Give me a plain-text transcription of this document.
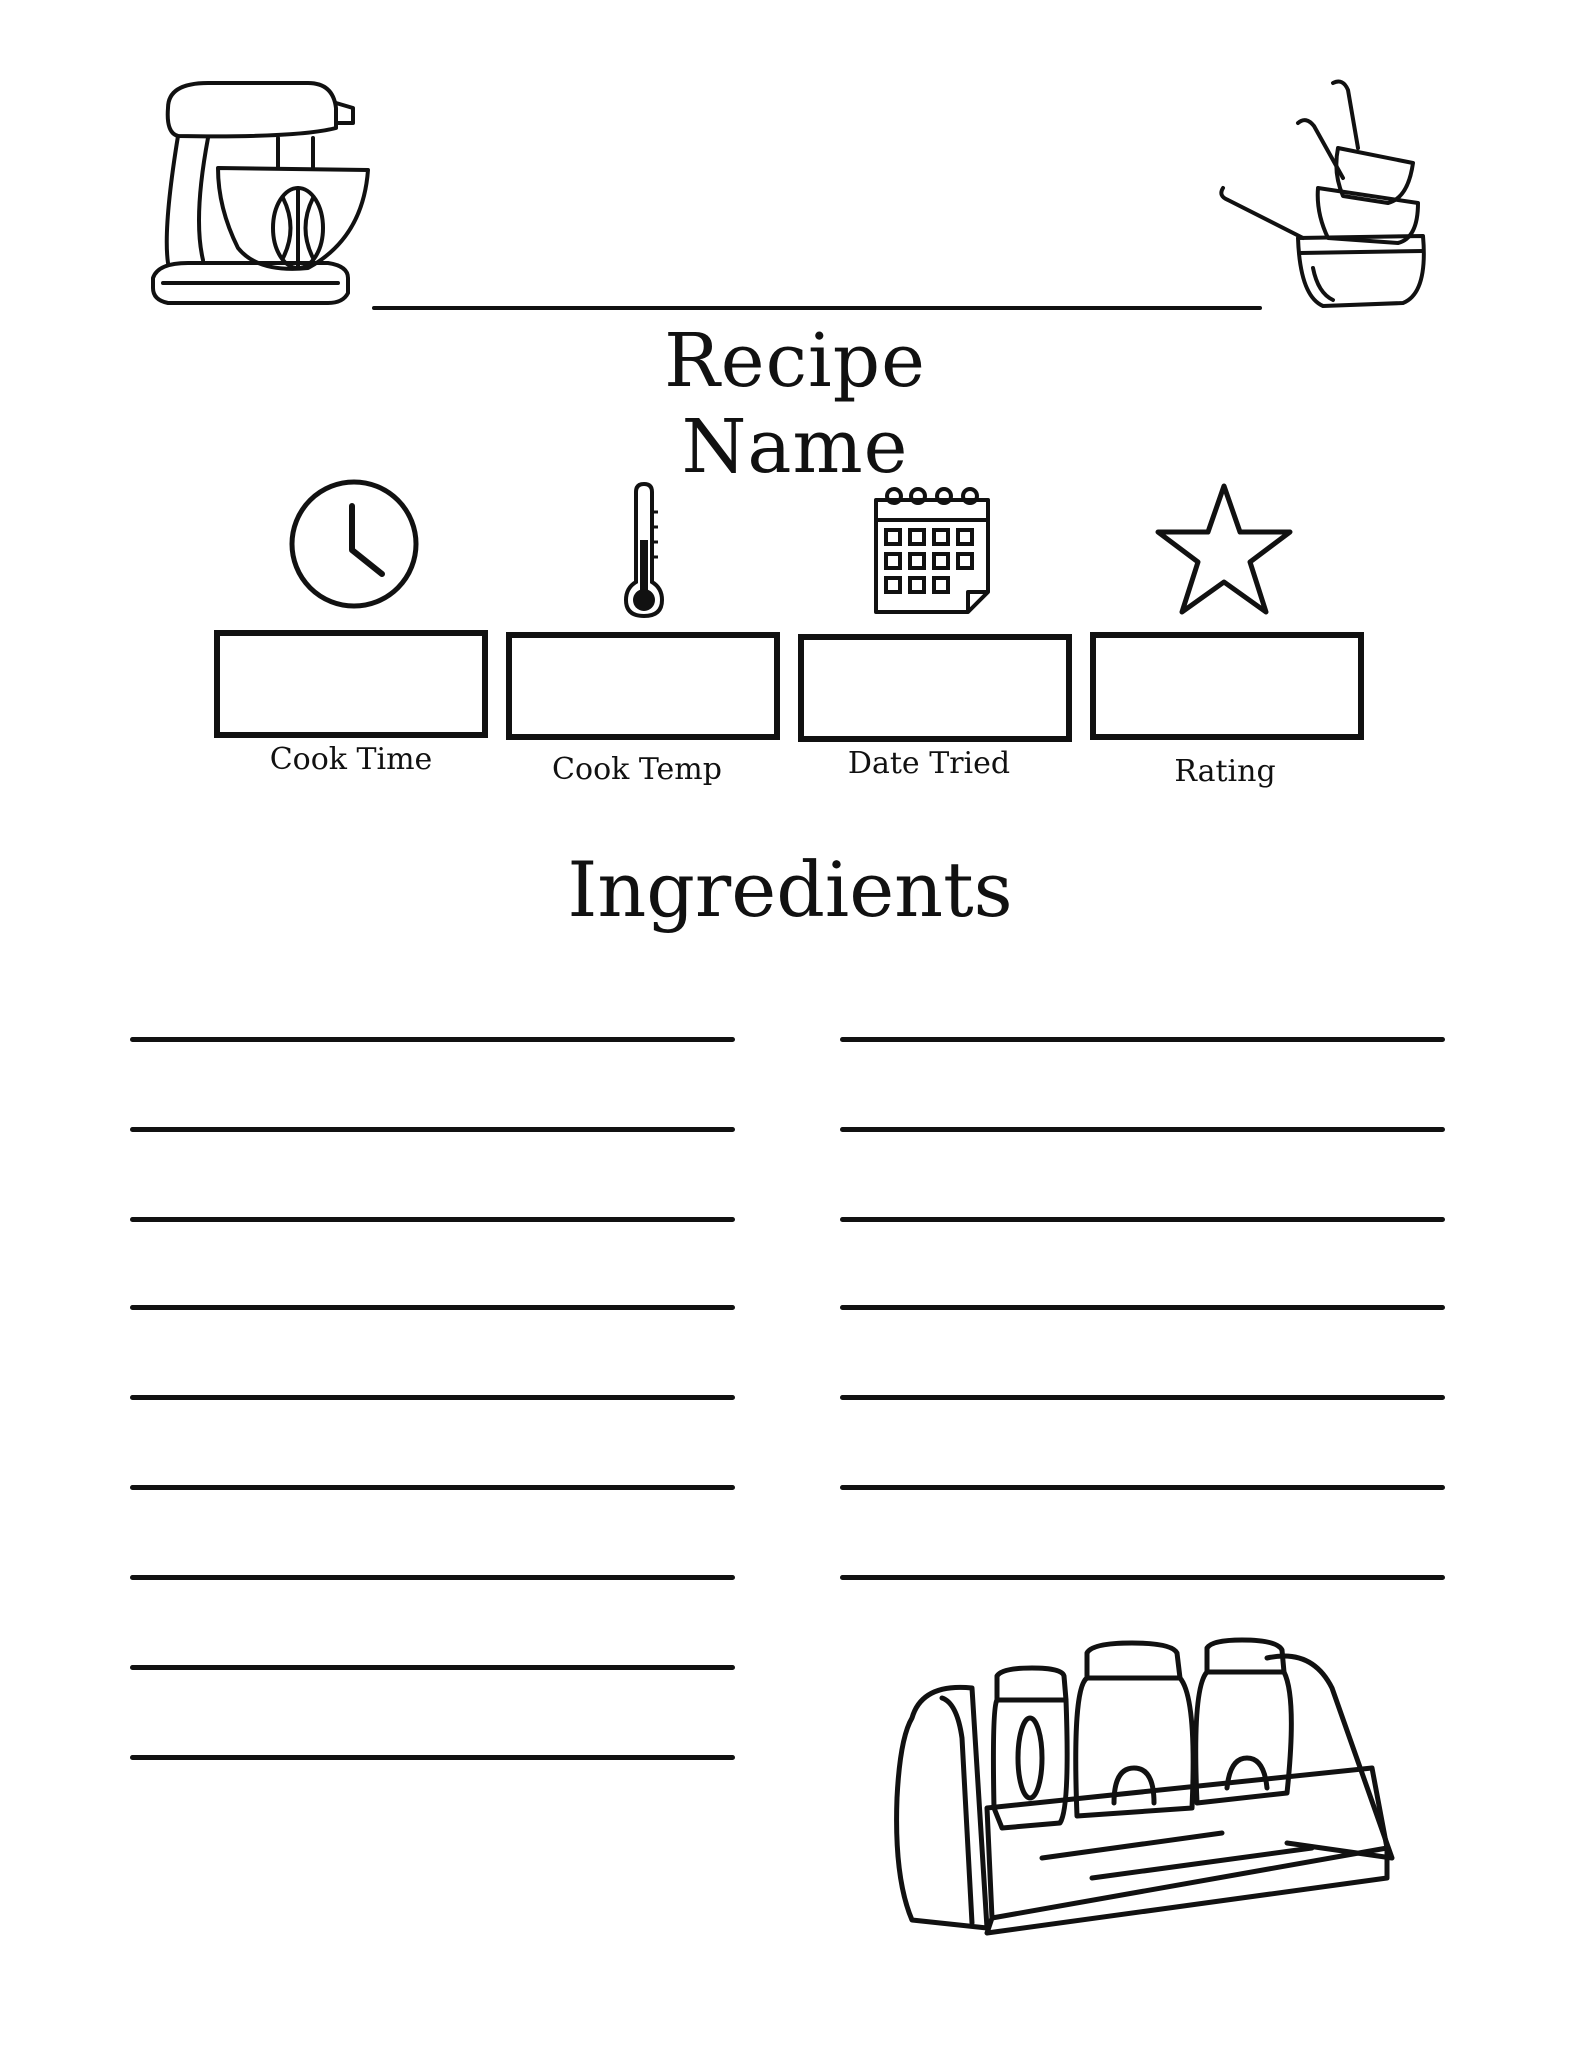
Recipe Name
Cook Time	Cook Temp	Date Tried	Rating
Ingredients
